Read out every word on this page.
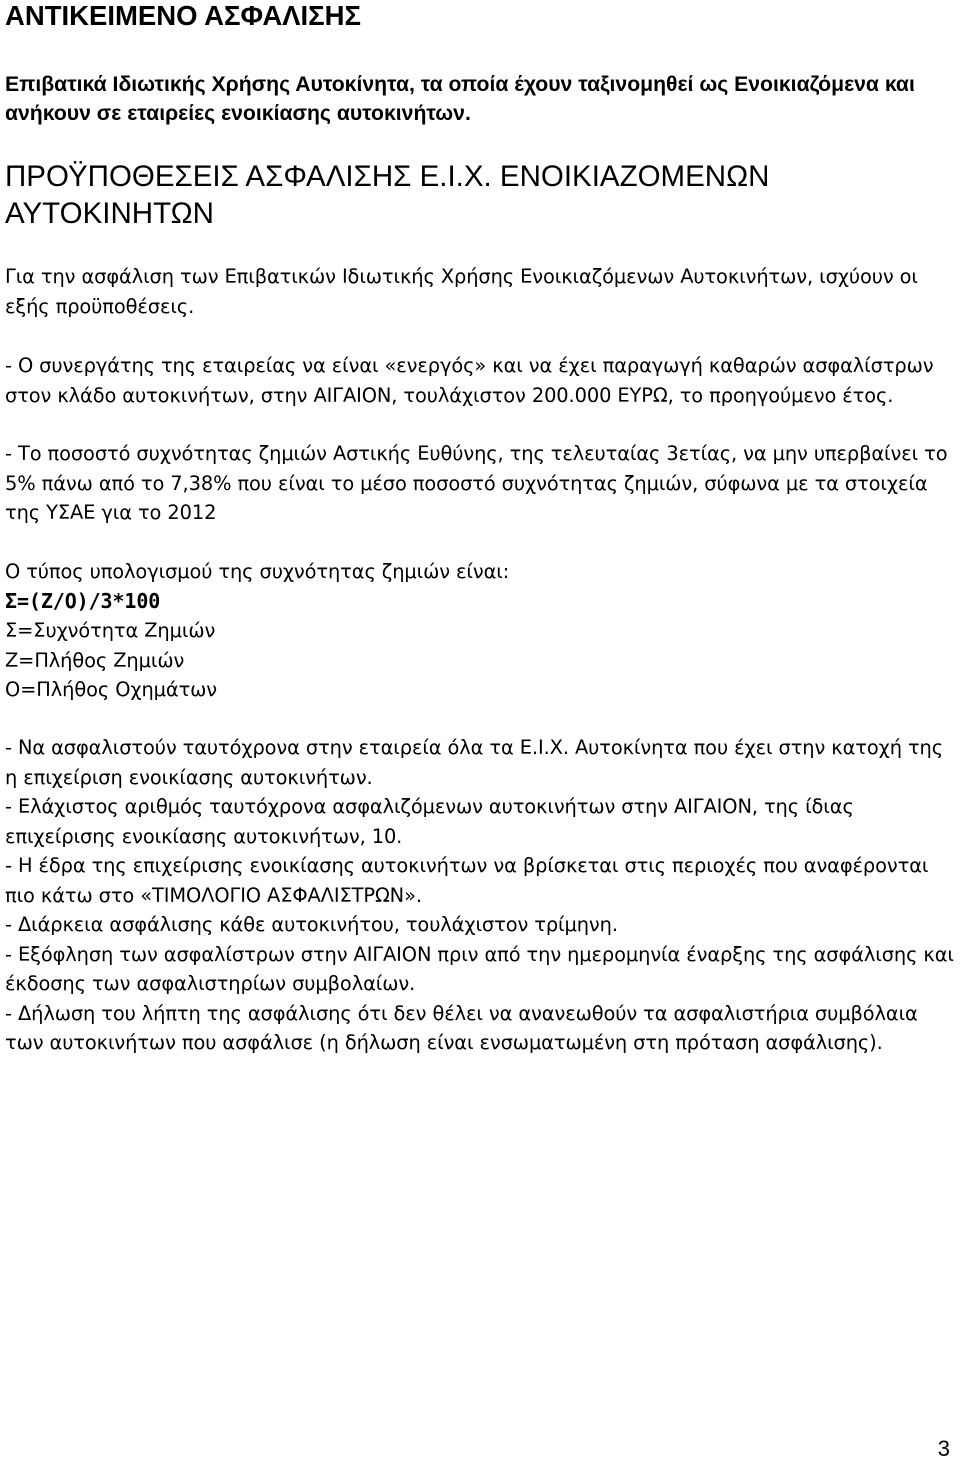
ΑΝΤΙΚΕΙΜΕΝΟ ΑΣΦΑΛΙΣΗΣ

Επιβατικά Ιδιωτικής Χρήσης Αυτοκίνητα, τα οποία έχουν ταξινομηθεί ως Ενοικιαζόμενα και ανήκουν σε εταιρείες ενοικίασης αυτοκινήτων.

ΠΡΟΫΠΟΘΕΣΕΙΣ ΑΣΦΑΛΙΣΗΣ Ε.Ι.Χ. ΕΝΟΙΚΙΑΖΟΜΕΝΩΝ ΑΥΤΟΚΙΝΗΤΩΝ

Για την ασφάλιση των Επιβατικών Ιδιωτικής Χρήσης Ενοικιαζόμενων Αυτοκινήτων, ισχύουν οι εξής προϋποθέσεις.

- Ο συνεργάτης της εταιρείας να είναι «ενεργός» και να έχει παραγωγή καθαρών ασφαλίστρων στον κλάδο αυτοκινήτων, στην ΑΙΓΑΙΟΝ, τουλάχιστον 200.000 ΕΥΡΩ, το προηγούμενο έτος.

- Το ποσοστό συχνότητας ζημιών Αστικής Ευθύνης, της τελευταίας 3ετίας, να μην υπερβαίνει το 5% πάνω από το 7,38% που είναι το μέσο ποσοστό συχνότητας ζημιών, σύφωνα με τα στοιχεία της ΥΣΑΕ για το 2012

Ο τύπος υπολογισμού της συχνότητας ζημιών είναι:

Σ=(Ζ/Ο)/3*100

Σ=Συχνότητα Ζημιών

Ζ=Πλήθος Ζημιών

Ο=Πλήθος Οχημάτων

- Να ασφαλιστούν ταυτόχρονα στην εταιρεία όλα τα Ε.Ι.Χ. Αυτοκίνητα που έχει στην κατοχή της η επιχείριση ενοικίασης αυτοκινήτων.

- Ελάχιστος αριθμός ταυτόχρονα ασφαλιζόμενων αυτοκινήτων στην ΑΙΓΑΙΟΝ, της ίδιας επιχείρισης ενοικίασης αυτοκινήτων, 10.

- Η έδρα της επιχείρισης ενοικίασης αυτοκινήτων να βρίσκεται στις περιοχές που αναφέρονται πιο κάτω στο «ΤΙΜΟΛΟΓΙΟ ΑΣΦΑΛΙΣΤΡΩΝ».

- Διάρκεια ασφάλισης κάθε αυτοκινήτου, τουλάχιστον τρίμηνη.

- Εξόφληση των ασφαλίστρων στην ΑΙΓΑΙΟΝ πριν από την ημερομηνία έναρξης της ασφάλισης και έκδοσης των ασφαλιστηρίων συμβολαίων.

- Δήλωση του λήπτη της ασφάλισης ότι δεν θέλει να ανανεωθούν τα ασφαλιστήρια συμβόλαια των αυτοκινήτων που ασφάλισε (η δήλωση είναι ενσωματωμένη στη πρόταση ασφάλισης).

3
